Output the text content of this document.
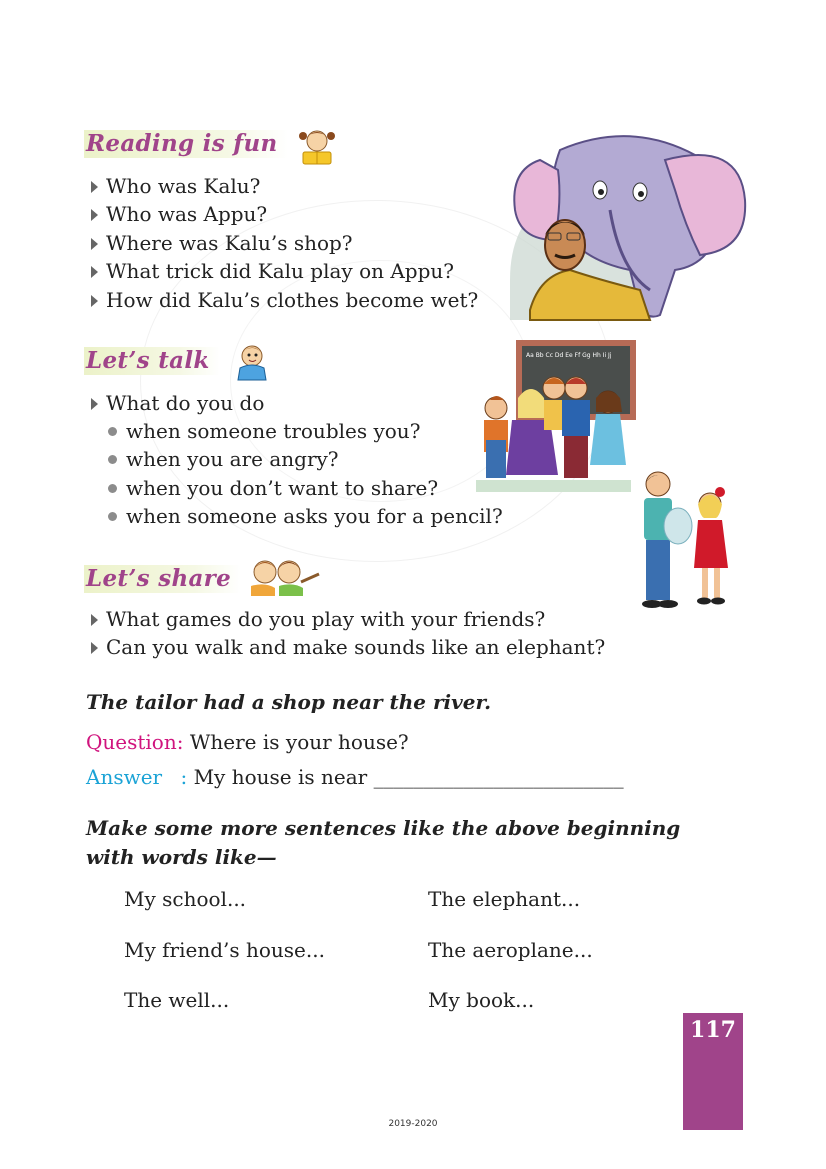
Reading is fun
Who was Kalu?
Who was Appu?
Where was Kalu’s shop?
What trick did Kalu play on Appu?
How did Kalu’s clothes become wet?
Let’s talk
What do you do
when someone troubles you?
when you are angry?
when you don’t want to share?
when someone asks you for a pencil?
Aa Bb Cc Dd Ee Ff Gg Hh Ii Jj
Let’s share
What games do you play with your friends?
Can you walk and make sounds like an elephant?
The tailor had a shop near the river.
Question: Where is your house?
Answer : My house is near _________________________
Make some more sentences like the above beginning
with words like—
My school...
My friend’s house...
The well...
The elephant...
The aeroplane...
My book...
117
2019-2020
